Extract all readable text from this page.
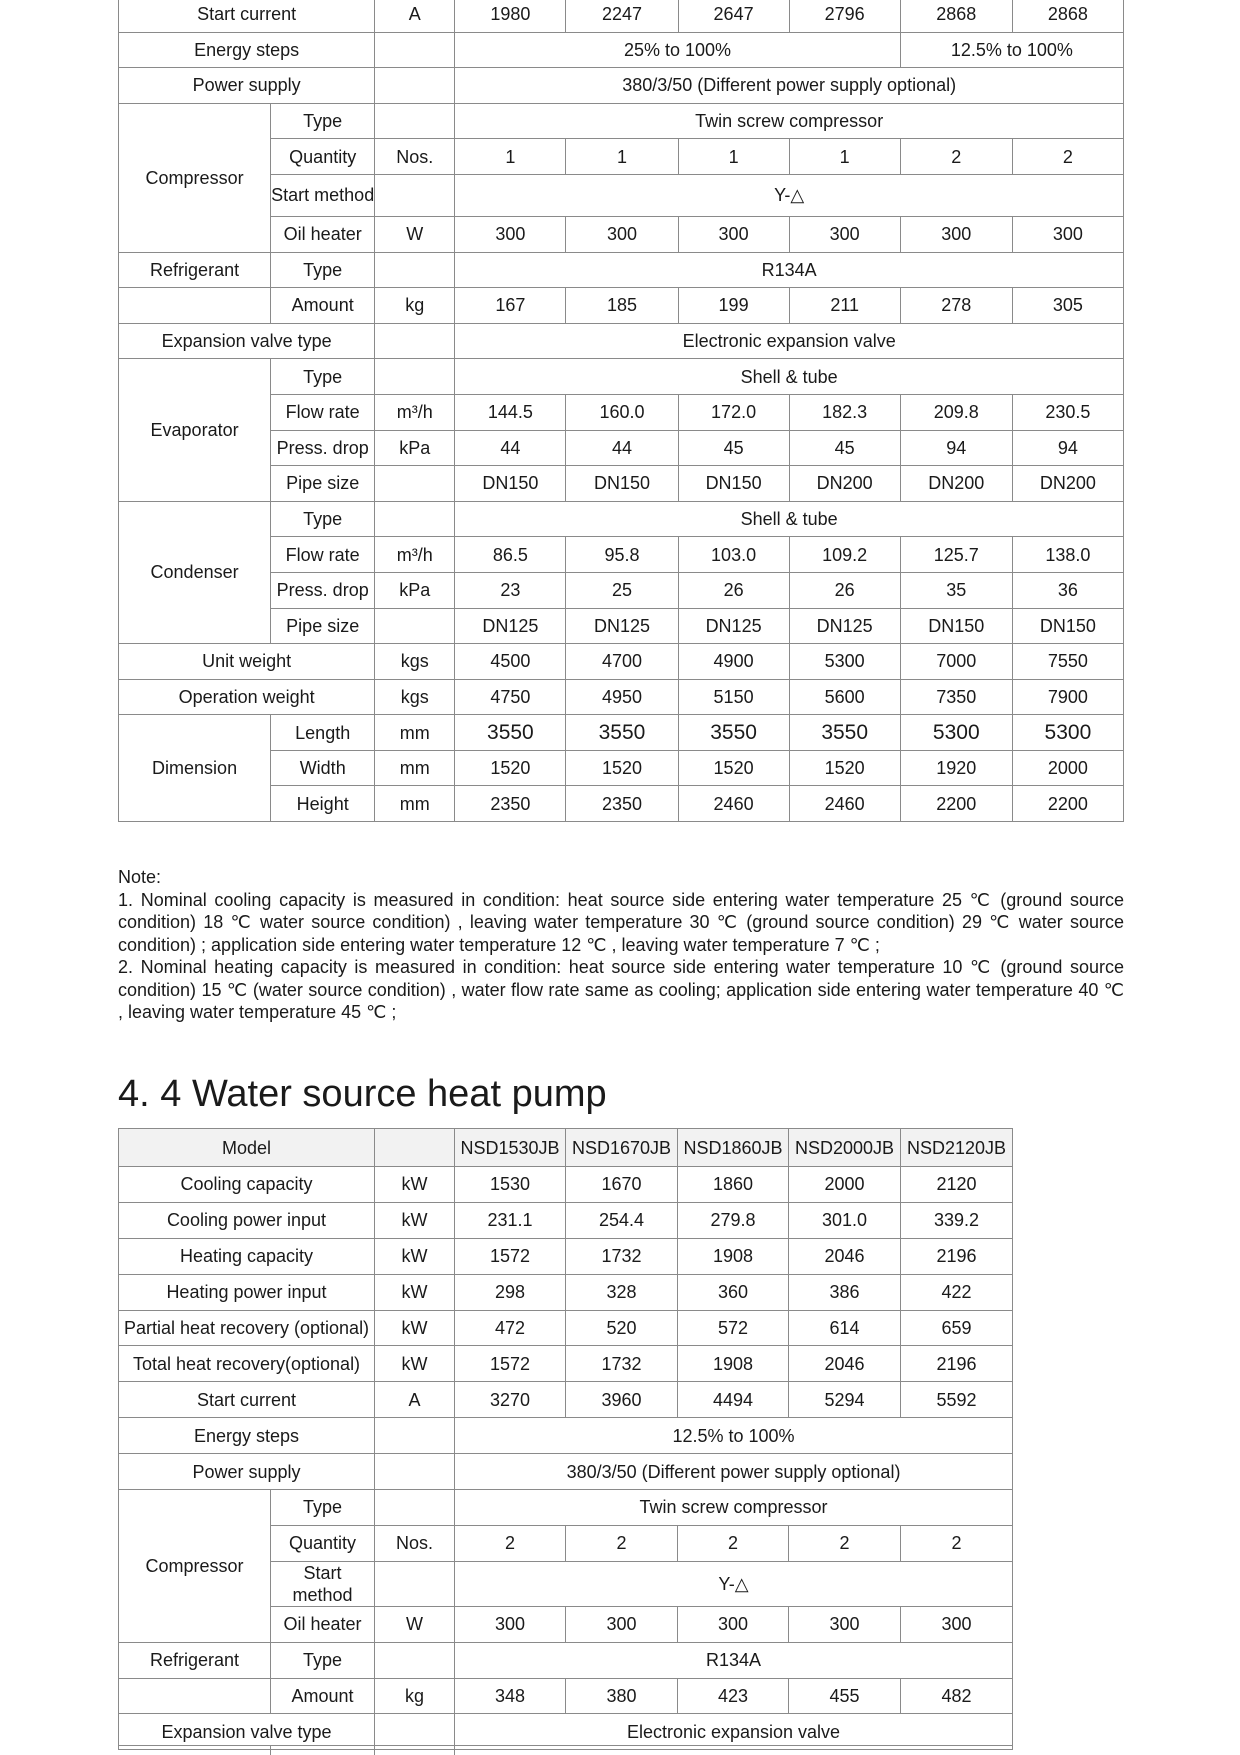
Start current		A	1980	2247	2647	2796	2868	2868
Energy steps			25% to 100%				12.5% to 100%	
Power supply			380/3/50 (Different power supply optional)					
Compressor	Type		Twin screw compressor					
	Quantity	Nos.	1	1	1	1	2	2
	Start method		Y-△					
	Oil heater	W	300	300	300	300	300	300
Refrigerant	Type		R134A					
	Amount	kg	167	185	199	211	278	305
Expansion valve type			Electronic expansion valve					
Evaporator	Type		Shell & tube					
	Flow rate	m³/h	144.5	160.0	172.0	182.3	209.8	230.5
	Press. drop	kPa	44	44	45	45	94	94
	Pipe size		DN150	DN150	DN150	DN200	DN200	DN200
Condenser	Type		Shell & tube					
	Flow rate	m³/h	86.5	95.8	103.0	109.2	125.7	138.0
	Press. drop	kPa	23	25	26	26	35	36
	Pipe size		DN125	DN125	DN125	DN125	DN150	DN150
Unit weight		kgs	4500	4700	4900	5300	7000	7550
Operation weight		kgs	4750	4950	5150	5600	7350	7900
Dimension	Length	mm	3550	3550	3550	3550	5300	5300
	Width	mm	1520	1520	1520	1520	1920	2000
	Height	mm	2350	2350	2460	2460	2200	2200

Note:

1. Nominal cooling capacity is measured in condition: heat source side entering water temperature 25 ℃ (ground source condition) 18 ℃ water source condition) , leaving water temperature 30 ℃ (ground source condition) 29 ℃ water source condition) ; application side entering water temperature 12 ℃ , leaving water temperature 7 ℃ ;

2. Nominal heating capacity is measured in condition: heat source side entering water temperature 10 ℃ (ground source condition) 15 ℃ (water source condition) , water flow rate same as cooling; application side entering water temperature 40 ℃ , leaving water temperature 45 ℃ ;

4. 4 Water source heat pump
Model			NSD1530JB	NSD1670JB	NSD1860JB	NSD2000JB	NSD2120JB
Cooling capacity		kW	1530	1670	1860	2000	2120
Cooling power input		kW	231.1	254.4	279.8	301.0	339.2
Heating capacity		kW	1572	1732	1908	2046	2196
Heating power input		kW	298	328	360	386	422
Partial heat recovery (optional)		kW	472	520	572	614	659
Total heat recovery(optional)		kW	1572	1732	1908	2046	2196
Start current		A	3270	3960	4494	5294	5592
Energy steps			12.5% to 100%				
Power supply			380/3/50 (Different power supply optional)				
Compressor	Type		Twin screw compressor				
	Quantity	Nos.	2	2	2	2	2
	Start method		Y-△				
	Oil heater	W	300	300	300	300	300
Refrigerant	Type		R134A				
	Amount	kg	348	380	423	455	482
Expansion valve type			Electronic expansion valve				
